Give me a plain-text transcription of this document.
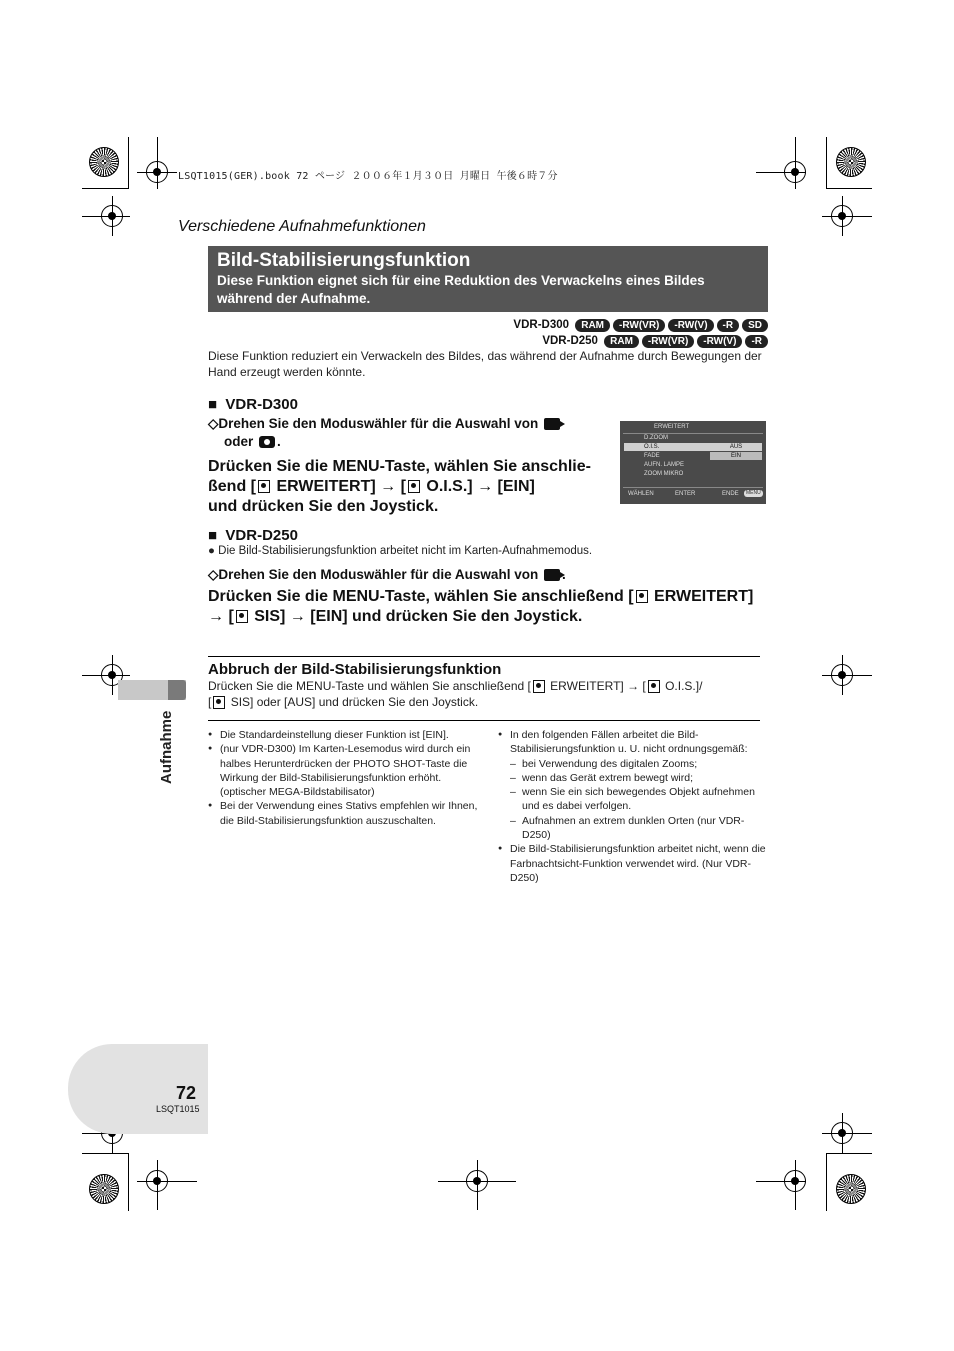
LSQT1015(GER).book 72 ページ ２００６年１月３０日 月曜日 午後６時７分
Verschiedene Aufnahmefunktionen
Bild-Stabilisierungsfunktion
Diese Funktion eignet sich für eine Reduktion des Verwackelns eines Bildes während der Aufnahme.
VDR-D300 RAM -RW(VR) -RW(V) -R SD
VDR-D250 RAM -RW(VR) -RW(V) -R
Diese Funktion reduziert ein Verwackeln des Bildes, das während der Aufnahme durch Bewegungen der Hand erzeugt werden könnte.
■  VDR-D300
◇Drehen Sie den Moduswähler für die Auswahl von
oder .
Drücken Sie die MENU-Taste, wählen Sie anschlie-
ßend [ ERWEITERT] → [ O.I.S.] → [EIN]
und drücken Sie den Joystick.
ERWEITERT
D.ZOOM
O.I.S.
FADE
AUFN. LAMPE
ZOOM MIKRO
AUS
EIN
WÄHLEN	ENTER	ENDE	MENU
■  VDR-D250
● Die Bild-Stabilisierungsfunktion arbeitet nicht im Karten-Aufnahmemodus.
◇Drehen Sie den Moduswähler für die Auswahl von
Drücken Sie die MENU-Taste, wählen Sie anschließend [ ERWEITERT]
→ [ SIS] → [EIN] und drücken Sie den Joystick.
Abbruch der Bild-Stabilisierungsfunktion
Drücken Sie die MENU-Taste und wählen Sie anschließend [ ERWEITERT] → [ O.I.S.]/
[ SIS] oder [AUS] und drücken Sie den Joystick.
● Die Standardeinstellung dieser Funktion ist [EIN].
● (nur VDR-D300) Im Karten-Lesemodus wird durch ein halbes Herunterdrücken der PHOTO SHOT-Taste die Wirkung der Bild-Stabilisierungsfunktion erhöht. (optischer MEGA-Bildstabilisator)
● Bei der Verwendung eines Stativs empfehlen wir Ihnen, die Bild-Stabilisierungsfunktion auszuschalten.
● In den folgenden Fällen arbeitet die Bild-Stabilisierungsfunktion u. U. nicht ordnungsgemäß:
– bei Verwendung des digitalen Zooms;
– wenn das Gerät extrem bewegt wird;
– wenn Sie ein sich bewegendes Objekt aufnehmen und es dabei verfolgen.
– Aufnahmen an extrem dunklen Orten (nur VDR-D250)
● Die Bild-Stabilisierungsfunktion arbeitet nicht, wenn die Farbnachtsicht-Funktion verwendet wird. (Nur VDR-D250)
Aufnahme
72
LSQT1015
